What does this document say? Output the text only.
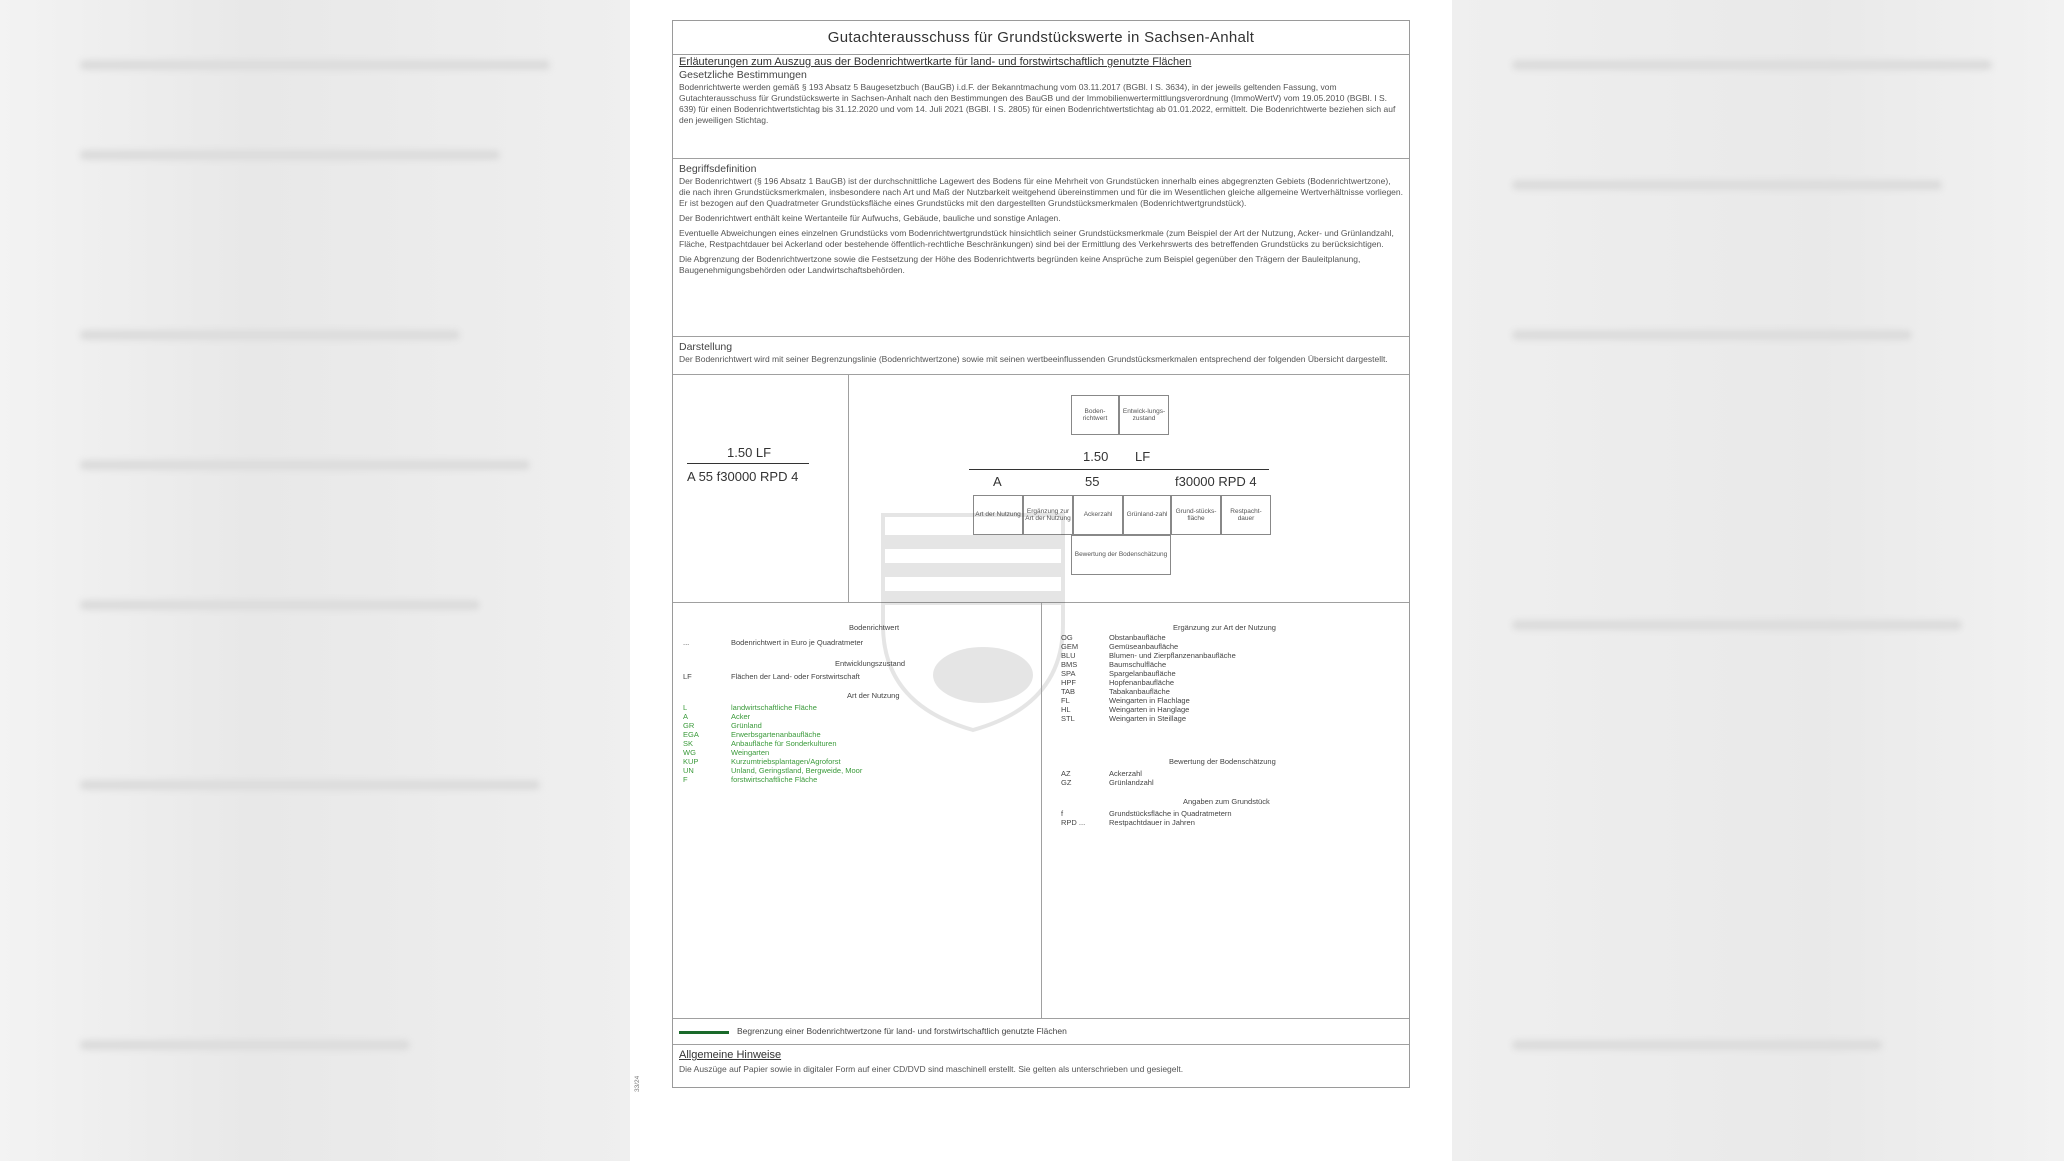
Gutachterausschuss für Grundstückswerte in Sachsen-Anhalt
Erläuterungen zum Auszug aus der Bodenrichtwertkarte für land- und forstwirtschaftlich genutzte Flächen
Gesetzliche Bestimmungen
Bodenrichtwerte werden gemäß § 193 Absatz 5 Baugesetzbuch (BauGB) i.d.F. der Bekanntmachung vom 03.11.2017 (BGBl. I S. 3634), in der jeweils geltenden Fassung, vom Gutachterausschuss für Grundstückswerte in Sachsen-Anhalt nach den Bestimmungen des BauGB und der Immobilienwertermittlungsverordnung (ImmoWertV) vom 19.05.2010 (BGBl. I S. 639) für einen Bodenrichtwertstichtag bis 31.12.2020 und vom 14. Juli 2021 (BGBl. I S. 2805) für einen Bodenrichtwertstichtag ab 01.01.2022, ermittelt. Die Bodenrichtwerte beziehen sich auf den jeweiligen Stichtag.
Begriffsdefinition
Der Bodenrichtwert (§ 196 Absatz 1 BauGB) ist der durchschnittliche Lagewert des Bodens für eine Mehrheit von Grundstücken innerhalb eines abgegrenzten Gebiets (Bodenrichtwertzone), die nach ihren Grundstücksmerkmalen, insbesondere nach Art und Maß der Nutzbarkeit weitgehend übereinstimmen und für die im Wesentlichen gleiche allgemeine Wertverhältnisse vorliegen. Er ist bezogen auf den Quadratmeter Grundstücksfläche eines Grundstücks mit den dargestellten Grundstücksmerkmalen (Bodenrichtwertgrundstück).
Der Bodenrichtwert enthält keine Wertanteile für Aufwuchs, Gebäude, bauliche und sonstige Anlagen.
Eventuelle Abweichungen eines einzelnen Grundstücks vom Bodenrichtwertgrundstück hinsichtlich seiner Grundstücksmerkmale (zum Beispiel der Art der Nutzung, Acker- und Grünlandzahl, Fläche, Restpachtdauer bei Ackerland oder bestehende öffentlich-rechtliche Beschränkungen) sind bei der Ermittlung des Verkehrswerts des betreffenden Grundstücks zu berücksichtigen.
Die Abgrenzung der Bodenrichtwertzone sowie die Festsetzung der Höhe des Bodenrichtwerts begründen keine Ansprüche zum Beispiel gegenüber den Trägern der Bauleitplanung, Baugenehmigungsbehörden oder Landwirtschaftsbehörden.
Darstellung
Der Bodenrichtwert wird mit seiner Begrenzungslinie (Bodenrichtwertzone) sowie mit seinen wertbeeinflussenden Grundstücksmerkmalen entsprechend der folgenden Übersicht dargestellt.
1.50 LF
A 55 f30000 RPD 4
Boden-richtwert
Entwick-lungs-zustand
1.50 LF
A	55	f30000 RPD 4
Art der Nutzung
Ergänzung zur Art der Nutzung
Ackerzahl	Grünland-zahl
Grund-stücks-fläche
Restpacht-dauer
Bewertung der Bodenschätzung
Bodenrichtwert
...	Bodenrichtwert in Euro je Quadratmeter
Entwicklungszustand
LF	Flächen der Land- oder Forstwirtschaft
Art der Nutzung
L	landwirtschaftliche Fläche
A	Acker
GR	Grünland
EGA	Erwerbsgartenanbaufläche
SK	Anbaufläche für Sonderkulturen
WG	Weingarten
KUP	Kurzumtriebsplantagen/Agroforst
UN	Unland, Geringstland, Bergweide, Moor
F	forstwirtschaftliche Fläche
Ergänzung zur Art der Nutzung
OG	Obstanbaufläche
GEM	Gemüseanbaufläche
BLU	Blumen- und Zierpflanzenanbaufläche
BMS	Baumschulfläche
SPA	Spargelanbaufläche
HPF	Hopfenanbaufläche
TAB	Tabakanbaufläche
FL	Weingarten in Flachlage
HL	Weingarten in Hanglage
STL	Weingarten in Steillage
Bewertung der Bodenschätzung
AZ	Ackerzahl
GZ	Grünlandzahl
Angaben zum Grundstück
f	Grundstücksfläche in Quadratmetern
RPD ...	Restpachtdauer in Jahren
Begrenzung einer Bodenrichtwertzone für land- und forstwirtschaftlich genutzte Flächen
Allgemeine Hinweise
Die Auszüge auf Papier sowie in digitaler Form auf einer CD/DVD sind maschinell erstellt. Sie gelten als unterschrieben und gesiegelt.
33/24
